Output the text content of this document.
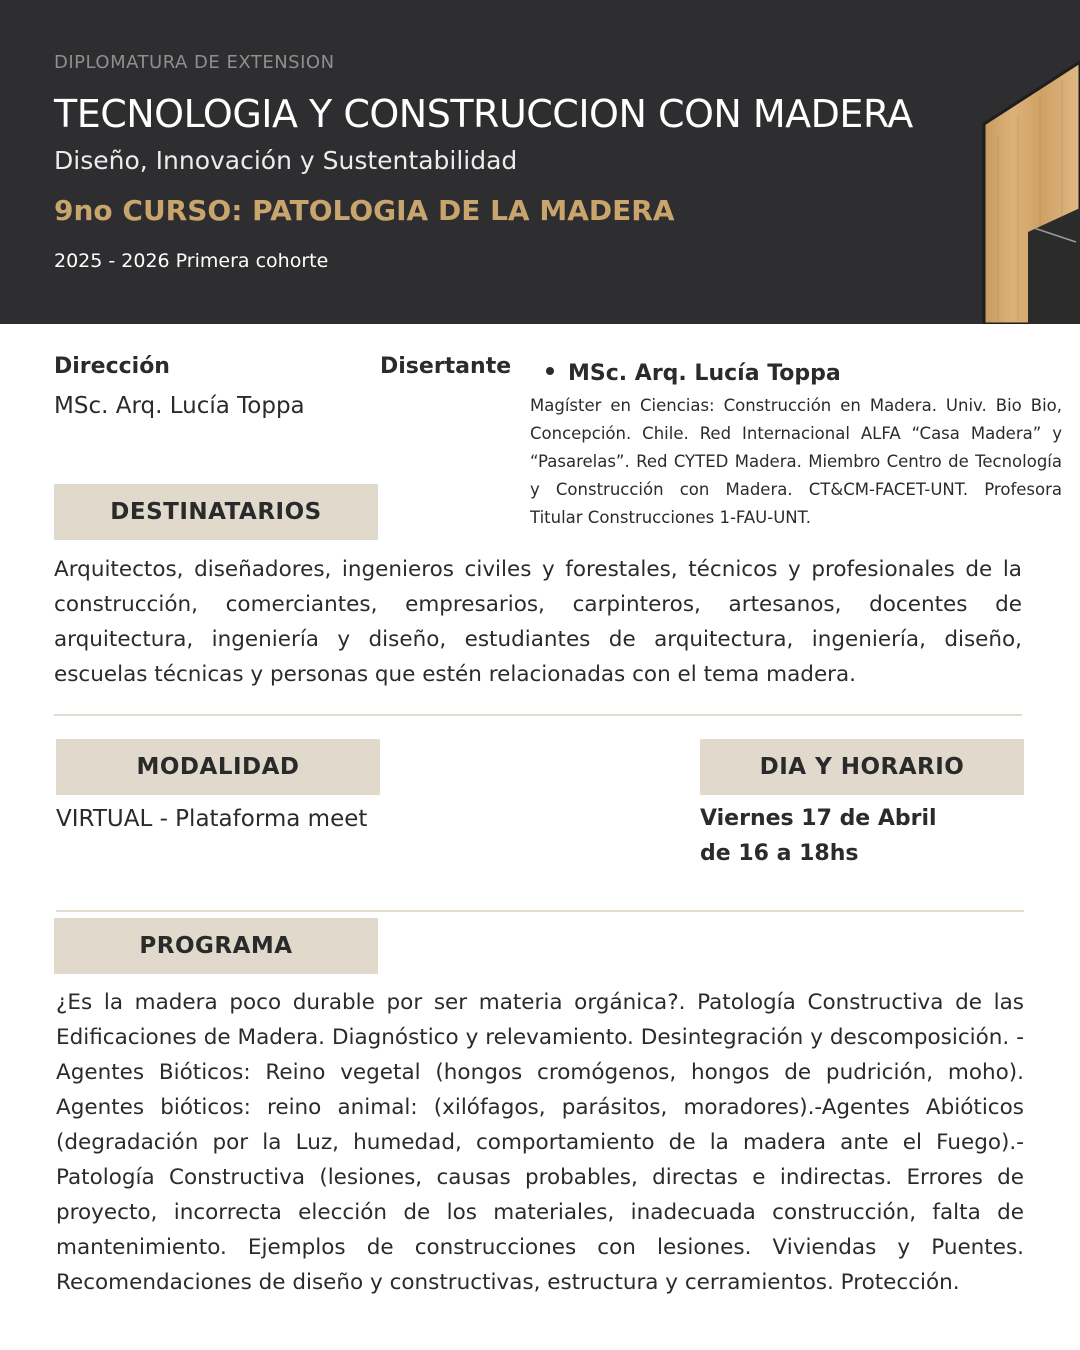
DIPLOMATURA DE EXTENSION
TECNOLOGIA Y CONSTRUCCION CON MADERA
Diseño, Innovación y Sustentabilidad
9no CURSO: PATOLOGIA DE LA MADERA
2025 - 2026 Primera cohorte
Dirección
MSc. Arq. Lucía Toppa
Disertante	MSc. Arq. Lucía Toppa
Magíster en Ciencias: Construcción en Madera. Univ. Bio Bio, Concepción. Chile. Red Internacional ALFA “Casa Madera” y “Pasarelas”. Red CYTED Madera. Miembro Centro de Tecnología y Construcción con Madera. CT&CM-FACET-UNT. Profesora Titular Construcciones 1-FAU-UNT.
DESTINATARIOS
Arquitectos, diseñadores, ingenieros civiles y forestales, técnicos y profesionales de la construcción, comerciantes, empresarios, carpinteros, artesanos, docentes de arquitectura, ingeniería y diseño, estudiantes de arquitectura, ingeniería, diseño, escuelas técnicas y personas que estén relacionadas con el tema madera.
MODALIDAD
VIRTUAL - Plataforma meet
DIA Y HORARIO
Viernes 17 de Abril
de 16 a 18hs
PROGRAMA
¿Es la madera poco durable por ser materia orgánica?. Patología Constructiva de las Edificaciones de Madera. Diagnóstico y relevamiento. Desintegración y descomposición. -Agentes Bióticos: Reino vegetal (hongos cromógenos, hongos de pudrición, moho). Agentes bióticos: reino animal: (xilófagos, parásitos, moradores).-Agentes Abióticos (degradación por la Luz, humedad, comportamiento de la madera ante el Fuego).-Patología Constructiva (lesiones, causas probables, directas e indirectas. Errores de proyecto, incorrecta elección de los materiales, inadecuada construcción, falta de mantenimiento. Ejemplos de construcciones con lesiones. Viviendas y Puentes. Recomendaciones de diseño y constructivas, estructura y cerramientos. Protección.
